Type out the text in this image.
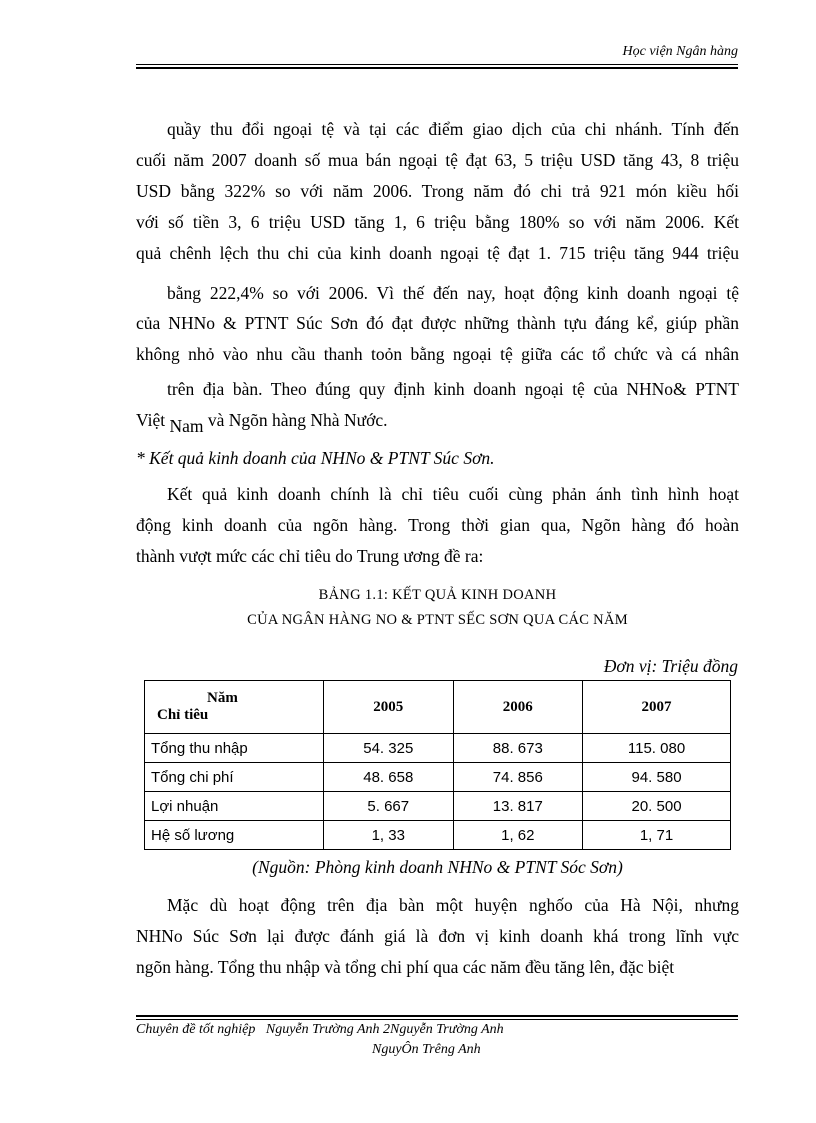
Học viện Ngân hàng
quầy thu đổi ngoại tệ và tại các điểm giao dịch của chi nhánh. Tính đến
cuối năm 2007 doanh số mua bán ngoại tệ đạt 63, 5 triệu USD tăng 43, 8 triệu
USD bằng 322% so với năm 2006. Trong năm đó chi trả 921 món kiều hối
với số tiền 3, 6 triệu USD tăng 1, 6 triệu bằng 180% so với năm 2006. Kết
quả chênh lệch thu chi của kinh doanh ngoại tệ đạt 1. 715 triệu tăng 944 triệu
bằng 222,4% so với 2006. Vì thế đến nay, hoạt động kinh doanh ngoại tệ
của NHNo & PTNT Súc Sơn đó đạt được những thành tựu đáng kể, giúp phần
không nhỏ vào nhu cầu thanh toỏn bằng ngoại tệ giữa các tổ chức và cá nhân
trên địa bàn. Theo đúng quy định kinh doanh ngoại tệ của NHNo& PTNT
Việt Nam và Ngõn hàng Nhà Nước.
* Kết quả kinh doanh của NHNo & PTNT Súc Sơn.
Kết quả kinh doanh chính là chỉ tiêu cuối cùng phản ánh tình hình hoạt
động kinh doanh của ngõn hàng. Trong thời gian qua, Ngõn hàng đó hoàn
thành vượt mức các chỉ tiêu do Trung ương đề ra:
BẢNG 1.1: KẾT QUẢ KINH DOANH
CỦA NGÂN HÀNG NO & PTNT SẾC SƠN QUA CÁC NĂM
Đơn vị: Triệu đồng
Năm
Chỉ tiêu	2005	2006	2007
Tổng thu nhập	54. 325	88. 673	115. 080
Tổng chi phí	48. 658	74. 856	94. 580
Lợi nhuận	5. 667	13. 817	20. 500
Hệ số lương	1, 33	1, 62	1, 71
(Nguồn: Phòng kinh doanh NHNo & PTNT Sóc Sơn)
Mặc dù hoạt động trên địa bàn một huyện nghốo của Hà Nội, nhưng
NHNo Súc Sơn lại được đánh giá là đơn vị kinh doanh khá trong lĩnh vực
ngõn hàng. Tổng thu nhập và tổng chi phí qua các năm đều tăng lên, đặc biệt
Chuyên đề tốt nghiệp   Nguyễn Trường Anh 2Nguyễn Trường Anh
NguyÔn Trêng Anh
